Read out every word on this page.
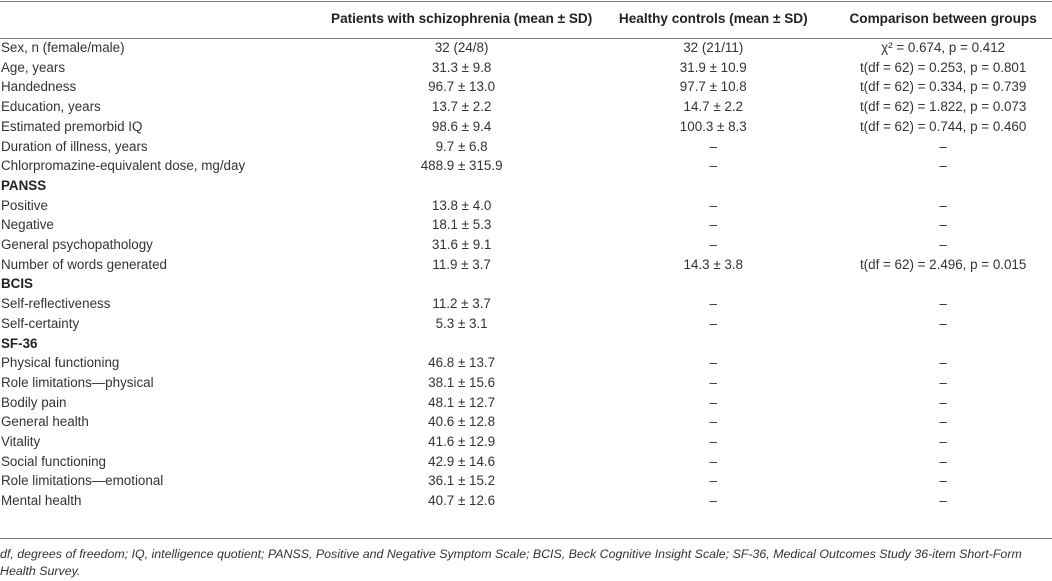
	Patients with schizophrenia (mean ± SD)	Healthy controls (mean ± SD)	Comparison between groups
Sex, n (female/male)	32 (24/8)	32 (21/11)	χ² = 0.674, p = 0.412
Age, years	31.3 ± 9.8	31.9 ± 10.9	t(df = 62) = 0.253, p = 0.801
Handedness	96.7 ± 13.0	97.7 ± 10.8	t(df = 62) = 0.334, p = 0.739
Education, years	13.7 ± 2.2	14.7 ± 2.2	t(df = 62) = 1.822, p = 0.073
Estimated premorbid IQ	98.6 ± 9.4	100.3 ± 8.3	t(df = 62) = 0.744, p = 0.460
Duration of illness, years	9.7 ± 6.8	–	–
Chlorpromazine-equivalent dose, mg/day	488.9 ± 315.9	–	–
PANSS			
Positive	13.8 ± 4.0	–	–
Negative	18.1 ± 5.3	–	–
General psychopathology	31.6 ± 9.1	–	–
Number of words generated	11.9 ± 3.7	14.3 ± 3.8	t(df = 62) = 2.496, p = 0.015
BCIS			
Self-reflectiveness	11.2 ± 3.7	–	–
Self-certainty	5.3 ± 3.1	–	–
SF-36			
Physical functioning	46.8 ± 13.7	–	–
Role limitations—physical	38.1 ± 15.6	–	–
Bodily pain	48.1 ± 12.7	–	–
General health	40.6 ± 12.8	–	–
Vitality	41.6 ± 12.9	–	–
Social functioning	42.9 ± 14.6	–	–
Role limitations—emotional	36.1 ± 15.2	–	–
Mental health	40.7 ± 12.6	–	–
df, degrees of freedom; IQ, intelligence quotient; PANSS, Positive and Negative Symptom Scale; BCIS, Beck Cognitive Insight Scale; SF-36, Medical Outcomes Study 36-item Short-Form Health Survey.
